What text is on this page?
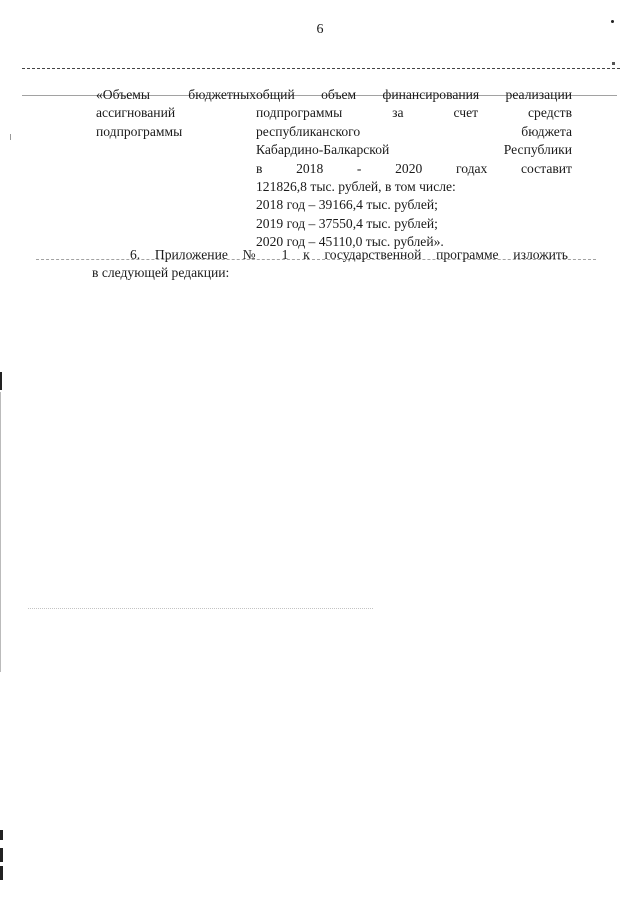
6
«Объемы бюджетных
ассигнований
подпрограммы
общий объем финансирования реализации
подпрограммы за счет средств
республиканского бюджета
Кабардино-Балкарской Республики
в 2018 - 2020 годах составит
121826,8 тыс. рублей, в том числе:
2018 год – 39166,4 тыс. рублей;
2019 год – 37550,4 тыс. рублей;
2020 год – 45110,0 тыс. рублей».
6. Приложение № 1 к государственной программе изложить
в следующей редакции:
